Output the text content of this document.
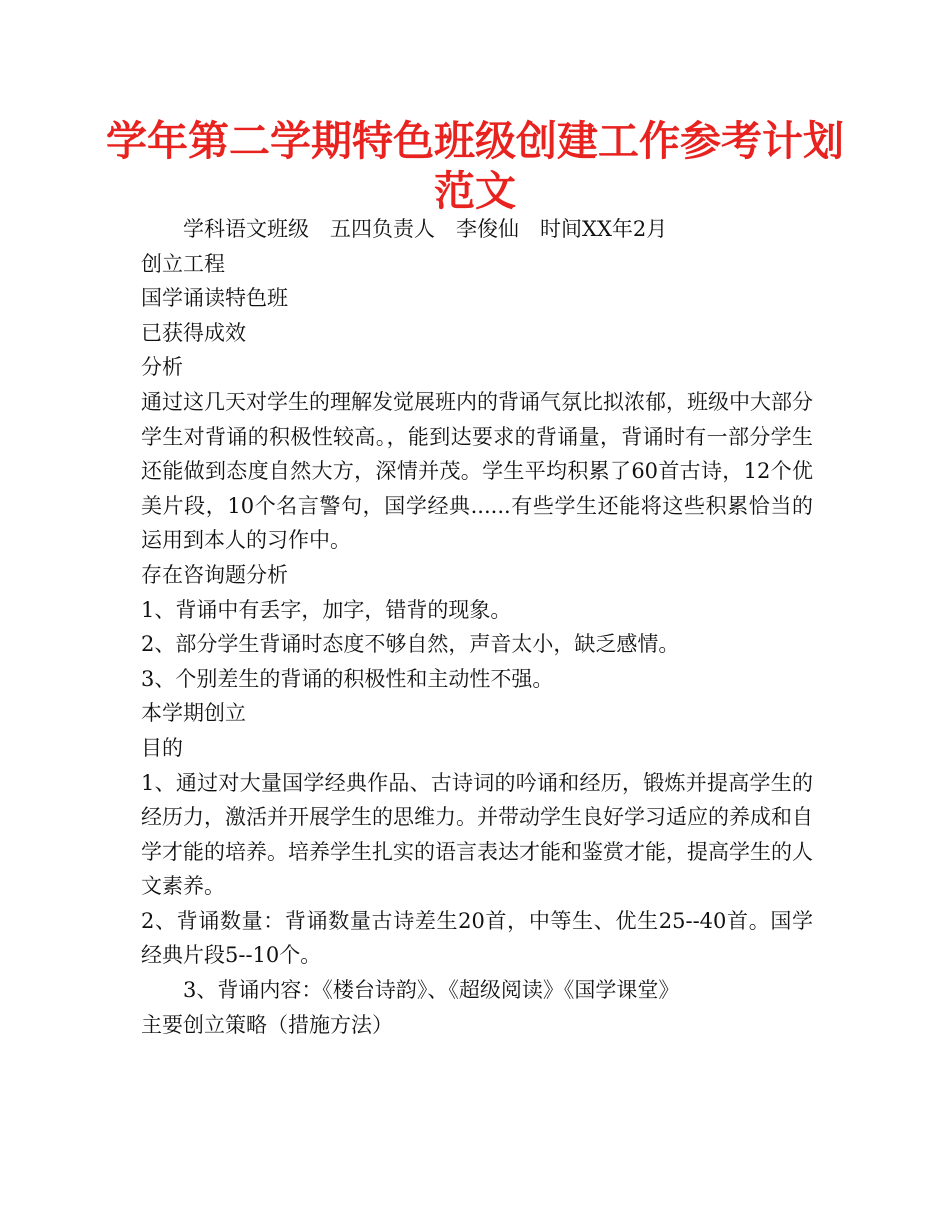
学年第二学期特色班级创建工作参考计划
范文
学科语文班级　五四负责人　李俊仙　时间XX年2月
创立工程
国学诵读特色班
已获得成效
分析
通过这几天对学生的理解发觉展班内的背诵气氛比拟浓郁，班级中大部分学生对背诵的积极性较高。，能到达要求的背诵量，背诵时有一部分学生还能做到态度自然大方，深情并茂。学生平均积累了60首古诗，12个优美片段，10个名言警句，国学经典......有些学生还能将这些积累恰当的运用到本人的习作中。
存在咨询题分析
1、背诵中有丢字，加字，错背的现象。
2、部分学生背诵时态度不够自然，声音太小，缺乏感情。
3、个别差生的背诵的积极性和主动性不强。
本学期创立
目的
1、通过对大量国学经典作品、古诗词的吟诵和经历，锻炼并提高学生的经历力，激活并开展学生的思维力。并带动学生良好学习适应的养成和自学才能的培养。培养学生扎实的语言表达才能和鉴赏才能，提高学生的人文素养。
2、背诵数量：背诵数量古诗差生20首，中等生、优生25--40首。国学经典片段5--10个。
3、背诵内容：《楼台诗韵》、《超级阅读》《国学课堂》
主要创立策略（措施方法）
